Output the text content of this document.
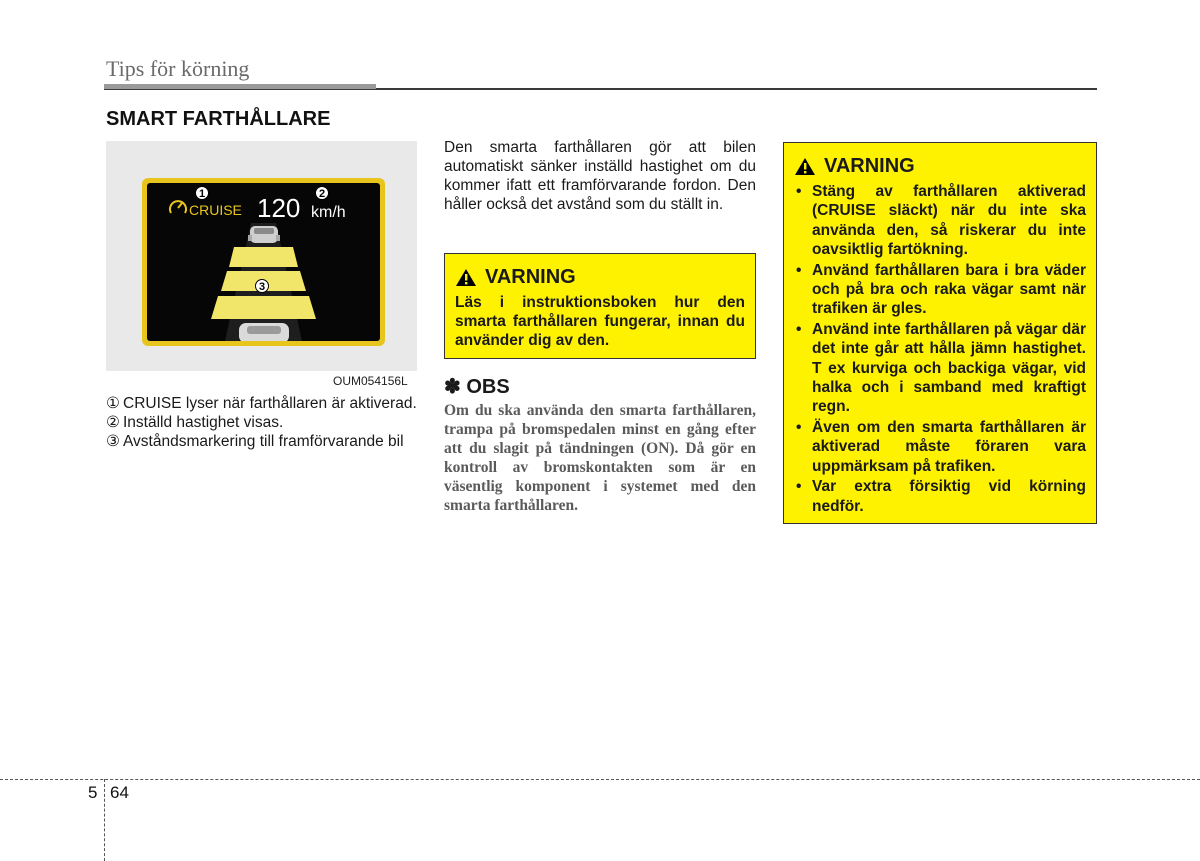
Tips för körning
SMART FARTHÅLLARE
CRUISE 120 km/h
1	2
3
OUM054156L
① CRUISE lyser när farthållaren är aktiverad.
② Inställd hastighet visas.
③ Avståndsmarkering till framförvarande bil
Den smarta farthållaren gör att bilen automatiskt sänker inställd hastighet om du kommer ifatt ett framförvarande fordon. Den håller också det avstånd som du ställt in.
VARNING
Läs i instruktionsboken hur den smarta farthållaren fungerar, innan du använder dig av den.
✽ OBS
Om du ska använda den smarta farthållaren, trampa på bromspedalen minst en gång efter att du slagit på tändningen (ON). Då gör en kontroll av bromskontakten som är en väsentlig komponent i systemet med den smarta farthållaren.
VARNING
• Stäng av farthållaren aktiverad (CRUISE släckt) när du inte ska använda den, så riskerar du inte oavsiktlig fartökning.
• Använd farthållaren bara i bra väder och på bra och raka vägar samt när trafiken är gles.
• Använd inte farthållaren på vägar där det inte går att hålla jämn hastighet. T ex kurviga och backiga vägar, vid halka och i samband med kraftigt regn.
• Även om den smarta farthållaren är aktiverad måste föraren vara uppmärksam på trafiken.
• Var extra försiktig vid körning nedför.
5 64
